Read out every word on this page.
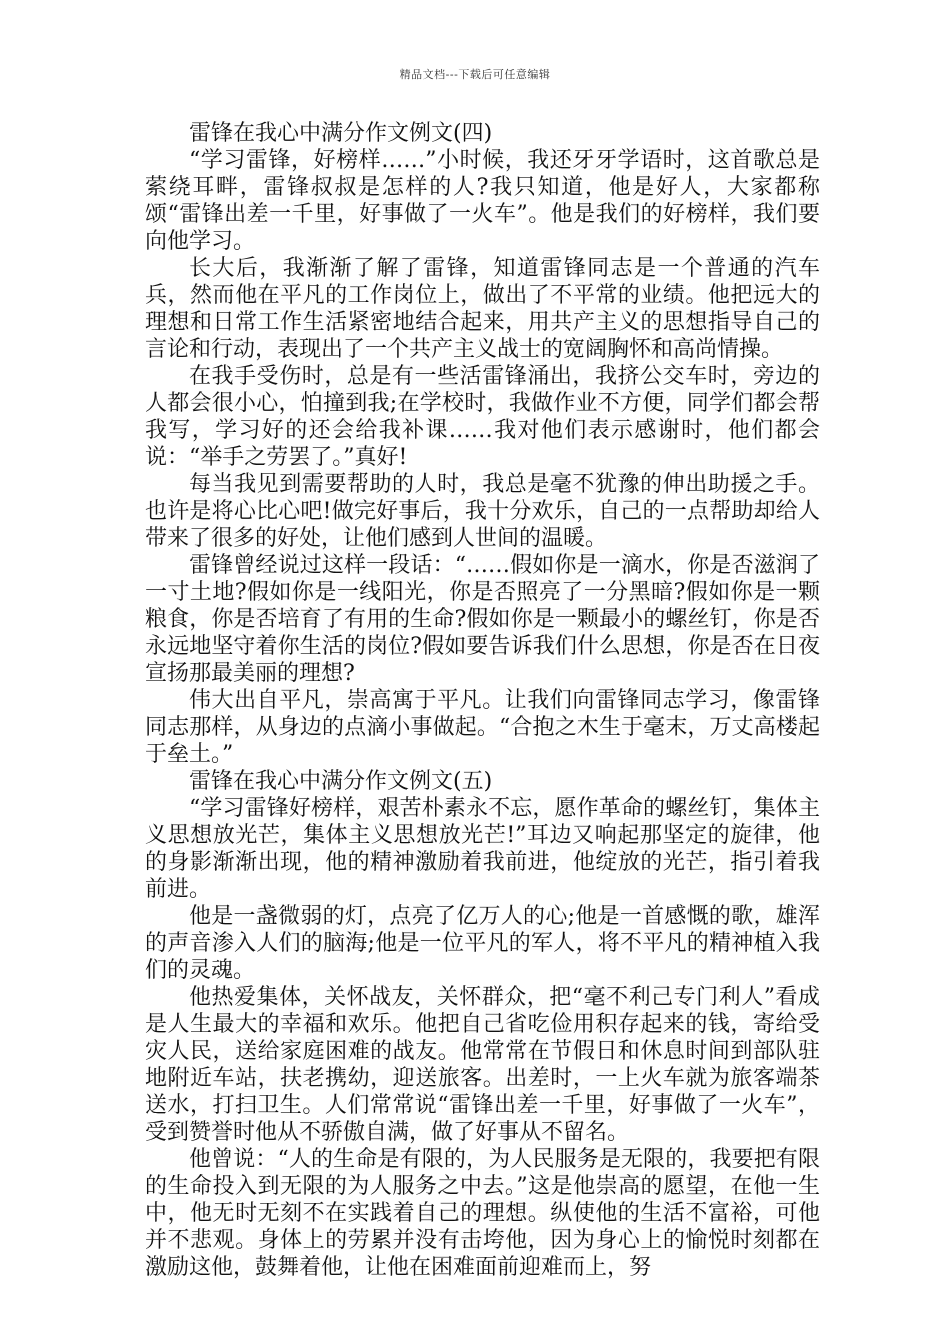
精品文档---下载后可任意编辑

雷锋在我心中满分作文例文(四)

“学习雷锋，好榜样……”小时候，我还牙牙学语时，这首歌总是萦绕耳畔，雷锋叔叔是怎样的人?我只知道，他是好人，大家都称颂“雷锋出差一千里，好事做了一火车”。他是我们的好榜样，我们要向他学习。

长大后，我渐渐了解了雷锋，知道雷锋同志是一个普通的汽车兵，然而他在平凡的工作岗位上，做出了不平常的业绩。他把远大的理想和日常工作生活紧密地结合起来，用共产主义的思想指导自己的言论和行动，表现出了一个共产主义战士的宽阔胸怀和高尚情操。

在我手受伤时，总是有一些活雷锋涌出，我挤公交车时，旁边的人都会很小心，怕撞到我;在学校时，我做作业不方便，同学们都会帮我写，学习好的还会给我补课……我对他们表示感谢时，他们都会说：“举手之劳罢了。”真好!

每当我见到需要帮助的人时，我总是毫不犹豫的伸出助援之手。也许是将心比心吧!做完好事后，我十分欢乐，自己的一点帮助却给人带来了很多的好处，让他们感到人世间的温暖。

雷锋曾经说过这样一段话：“……假如你是一滴水，你是否滋润了一寸土地?假如你是一线阳光，你是否照亮了一分黑暗?假如你是一颗粮食，你是否培育了有用的生命?假如你是一颗最小的螺丝钉，你是否永远地坚守着你生活的岗位?假如要告诉我们什么思想，你是否在日夜宣扬那最美丽的理想?

伟大出自平凡，崇高寓于平凡。让我们向雷锋同志学习，像雷锋同志那样，从身边的点滴小事做起。“合抱之木生于毫末，万丈高楼起于垒土。”

雷锋在我心中满分作文例文(五)

“学习雷锋好榜样，艰苦朴素永不忘，愿作革命的螺丝钉，集体主义思想放光芒，集体主义思想放光芒!”耳边又响起那坚定的旋律，他的身影渐渐出现，他的精神激励着我前进，他绽放的光芒，指引着我前进。

他是一盏微弱的灯，点亮了亿万人的心;他是一首感慨的歌，雄浑的声音渗入人们的脑海;他是一位平凡的军人，将不平凡的精神植入我们的灵魂。

他热爱集体，关怀战友，关怀群众，把“毫不利己专门利人”看成是人生最大的幸福和欢乐。他把自己省吃俭用积存起来的钱，寄给受灾人民，送给家庭困难的战友。他常常在节假日和休息时间到部队驻地附近车站，扶老携幼，迎送旅客。出差时，一上火车就为旅客端茶送水，打扫卫生。人们常常说“雷锋出差一千里，好事做了一火车”，受到赞誉时他从不骄傲自满，做了好事从不留名。

他曾说：“人的生命是有限的，为人民服务是无限的，我要把有限的生命投入到无限的为人服务之中去。”这是他崇高的愿望，在他一生中，他无时无刻不在实践着自己的理想。纵使他的生活不富裕，可他并不悲观。身体上的劳累并没有击垮他，因为身心上的愉悦时刻都在激励这他，鼓舞着他，让他在困难面前迎难而上，努
